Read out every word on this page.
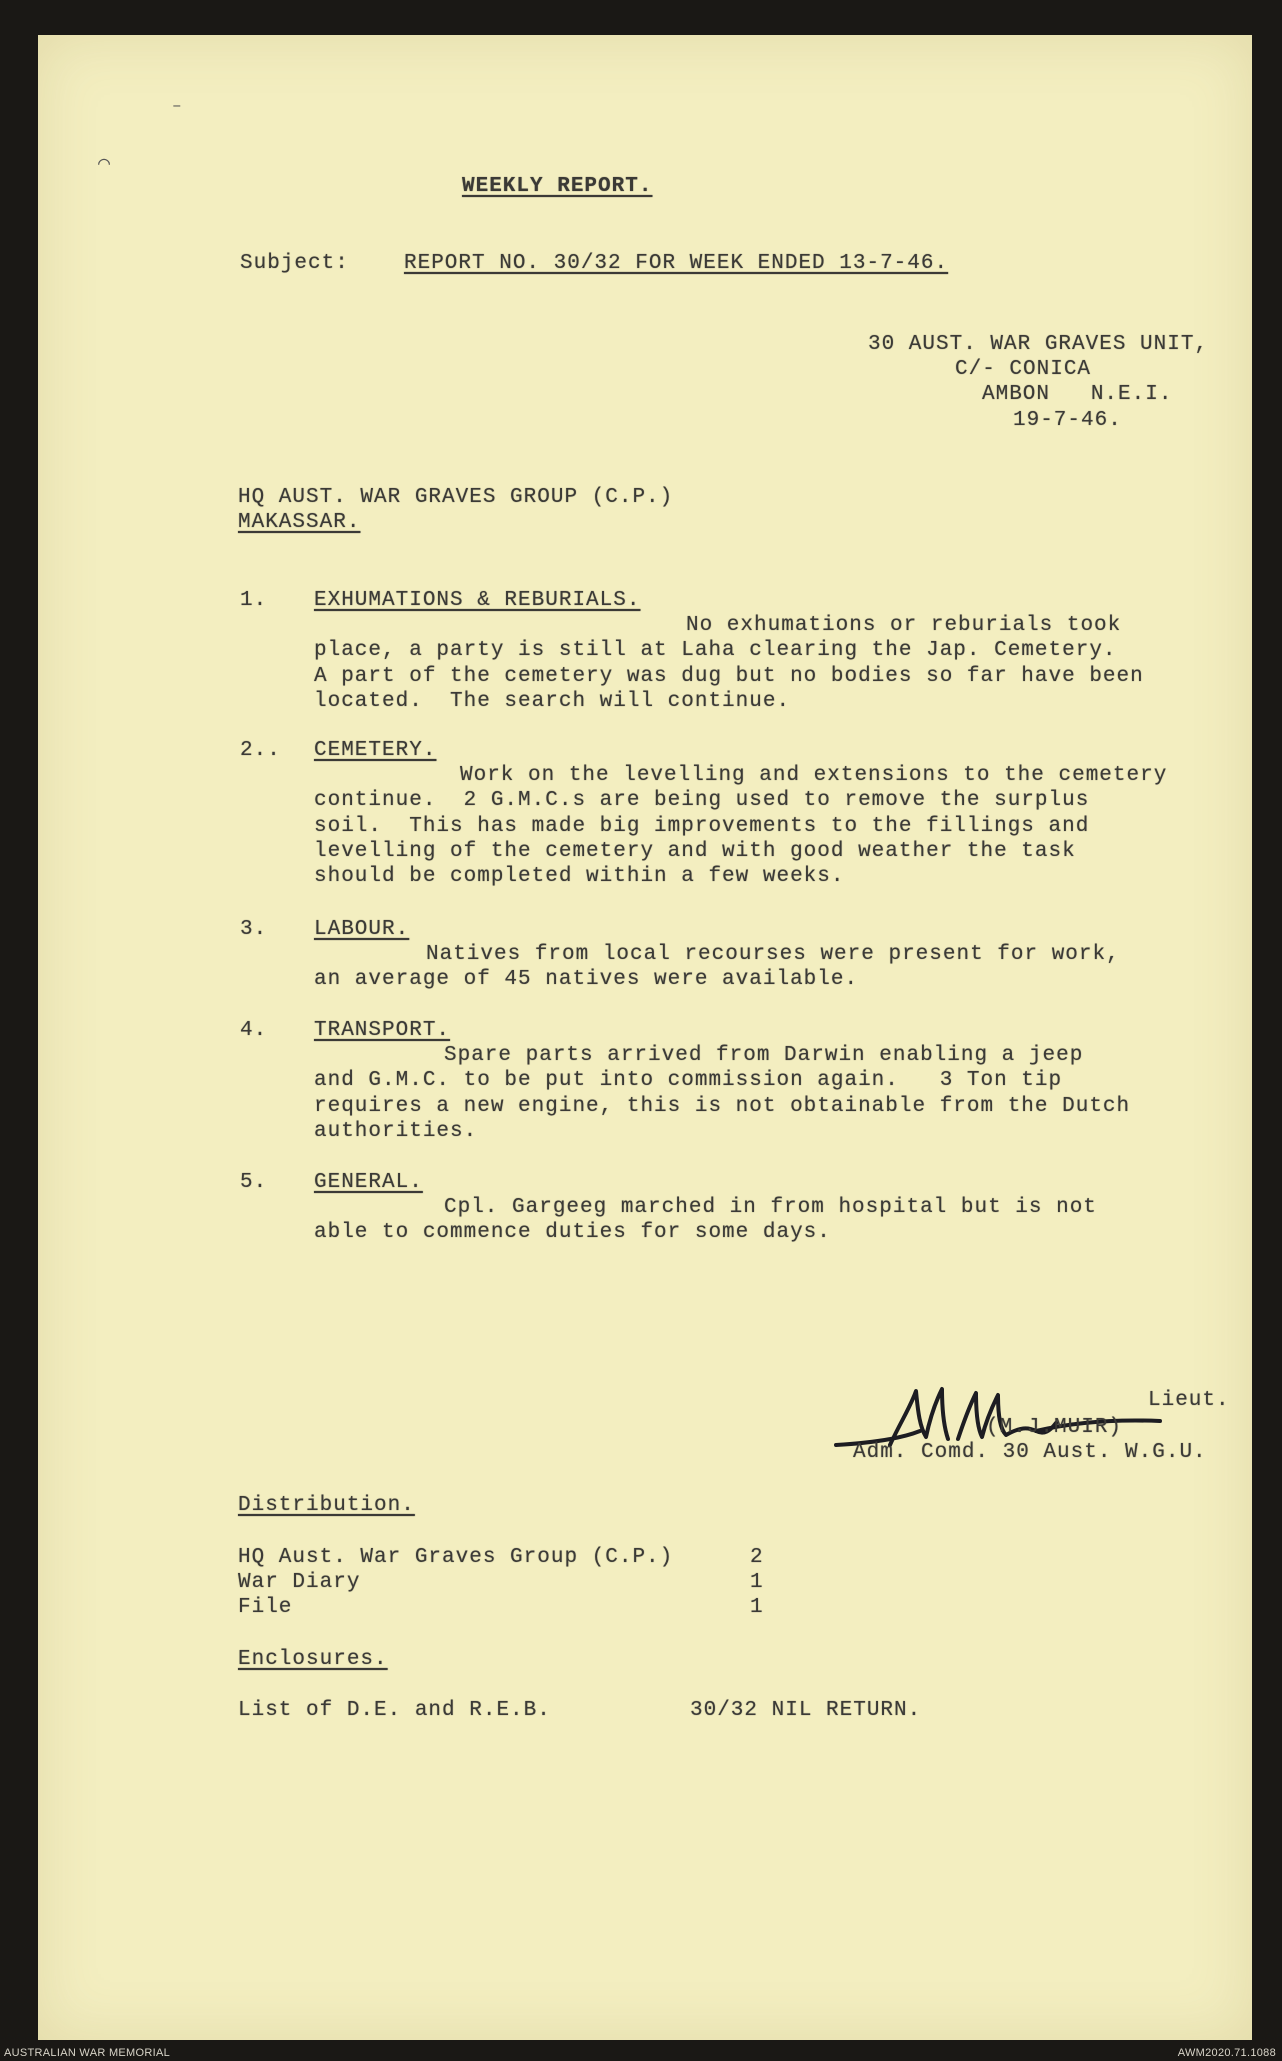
WEEKLY REPORT.
Subject:	REPORT NO. 30/32 FOR WEEK ENDED 13-7-46.
30 AUST. WAR GRAVES UNIT,
C/- CONICA
AMBON   N.E.I.
19-7-46.
HQ AUST. WAR GRAVES GROUP (C.P.)
MAKASSAR.
1. EXHUMATIONS & REBURIALS.
No exhumations or reburials took
place, a party is still at Laha clearing the Jap. Cemetery.
A part of the cemetery was dug but no bodies so far have been
located.  The search will continue.
2.. CEMETERY.
Work on the levelling and extensions to the cemetery
continue.  2 G.M.C.s are being used to remove the surplus
soil.  This has made big improvements to the fillings and
levelling of the cemetery and with good weather the task
should be completed within a few weeks.
3. LABOUR.
Natives from local recourses were present for work,
an average of 45 natives were available.
4. TRANSPORT.
Spare parts arrived from Darwin enabling a jeep
and G.M.C. to be put into commission again.   3 Ton tip
requires a new engine, this is not obtainable from the Dutch
authorities.
5. GENERAL.
Cpl. Gargeeg marched in from hospital but is not
able to commence duties for some days.
Lieut.
(M.J.MUIR)
Adm. Comd. 30 Aust. W.G.U.
Distribution.
HQ Aust. War Graves Group (C.P.)	2
War Diary	1
File	1
Enclosures.
List of D.E. and R.E.B.	30/32 NIL RETURN.
–
⌒
AUSTRALIAN WAR MEMORIAL	AWM2020.71.1088
